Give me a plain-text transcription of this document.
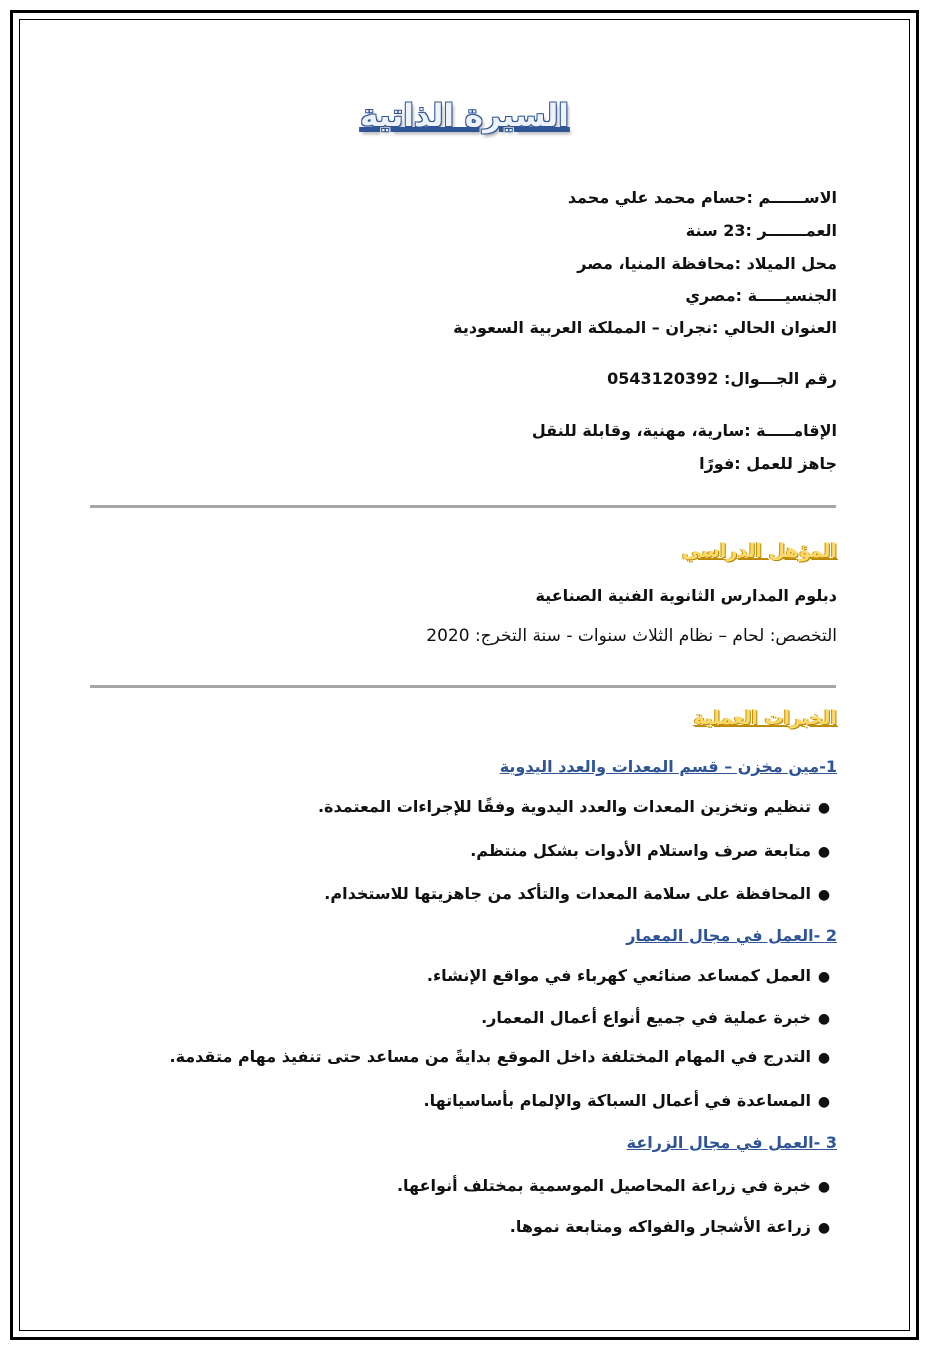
السيرة الذاتية
الاســــــم :حسام محمد علي محمد
العمـــــــر :23 سنة
محل الميلاد :محافظة المنيا، مصر
الجنسيـــــة :مصري
العنوان الحالي :نجران – المملكة العربية السعودية
رقم الجـــوال: 0543120392
الإقامـــــة :سارية، مهنية، وقابلة للنقل
جاهز للعمل :فورًا
المؤهل الدراسي
دبلوم المدارس الثانوية الفنية الصناعية
التخصص: لحام – نظام الثلاث سنوات - سنة التخرج: 2020
الخبرات العملية
1-مين مخزن – قسم المعدات والعدد اليدوية
●تنظيم وتخزين المعدات والعدد اليدوية وفقًا للإجراءات المعتمدة.
●متابعة صرف واستلام الأدوات بشكل منتظم.
●المحافظة على سلامة المعدات والتأكد من جاهزيتها للاستخدام.
2 -العمل في مجال المعمار
●العمل كمساعد صنائعي كهرباء في مواقع الإنشاء.
●خبرة عملية في جميع أنواع أعمال المعمار.
●التدرج في المهام المختلفة داخل الموقع بدايةً من مساعد حتى تنفيذ مهام متقدمة.
●المساعدة في أعمال السباكة والإلمام بأساسياتها.
3 -العمل في مجال الزراعة
●خبرة في زراعة المحاصيل الموسمية بمختلف أنواعها.
●زراعة الأشجار والفواكه ومتابعة نموها.
